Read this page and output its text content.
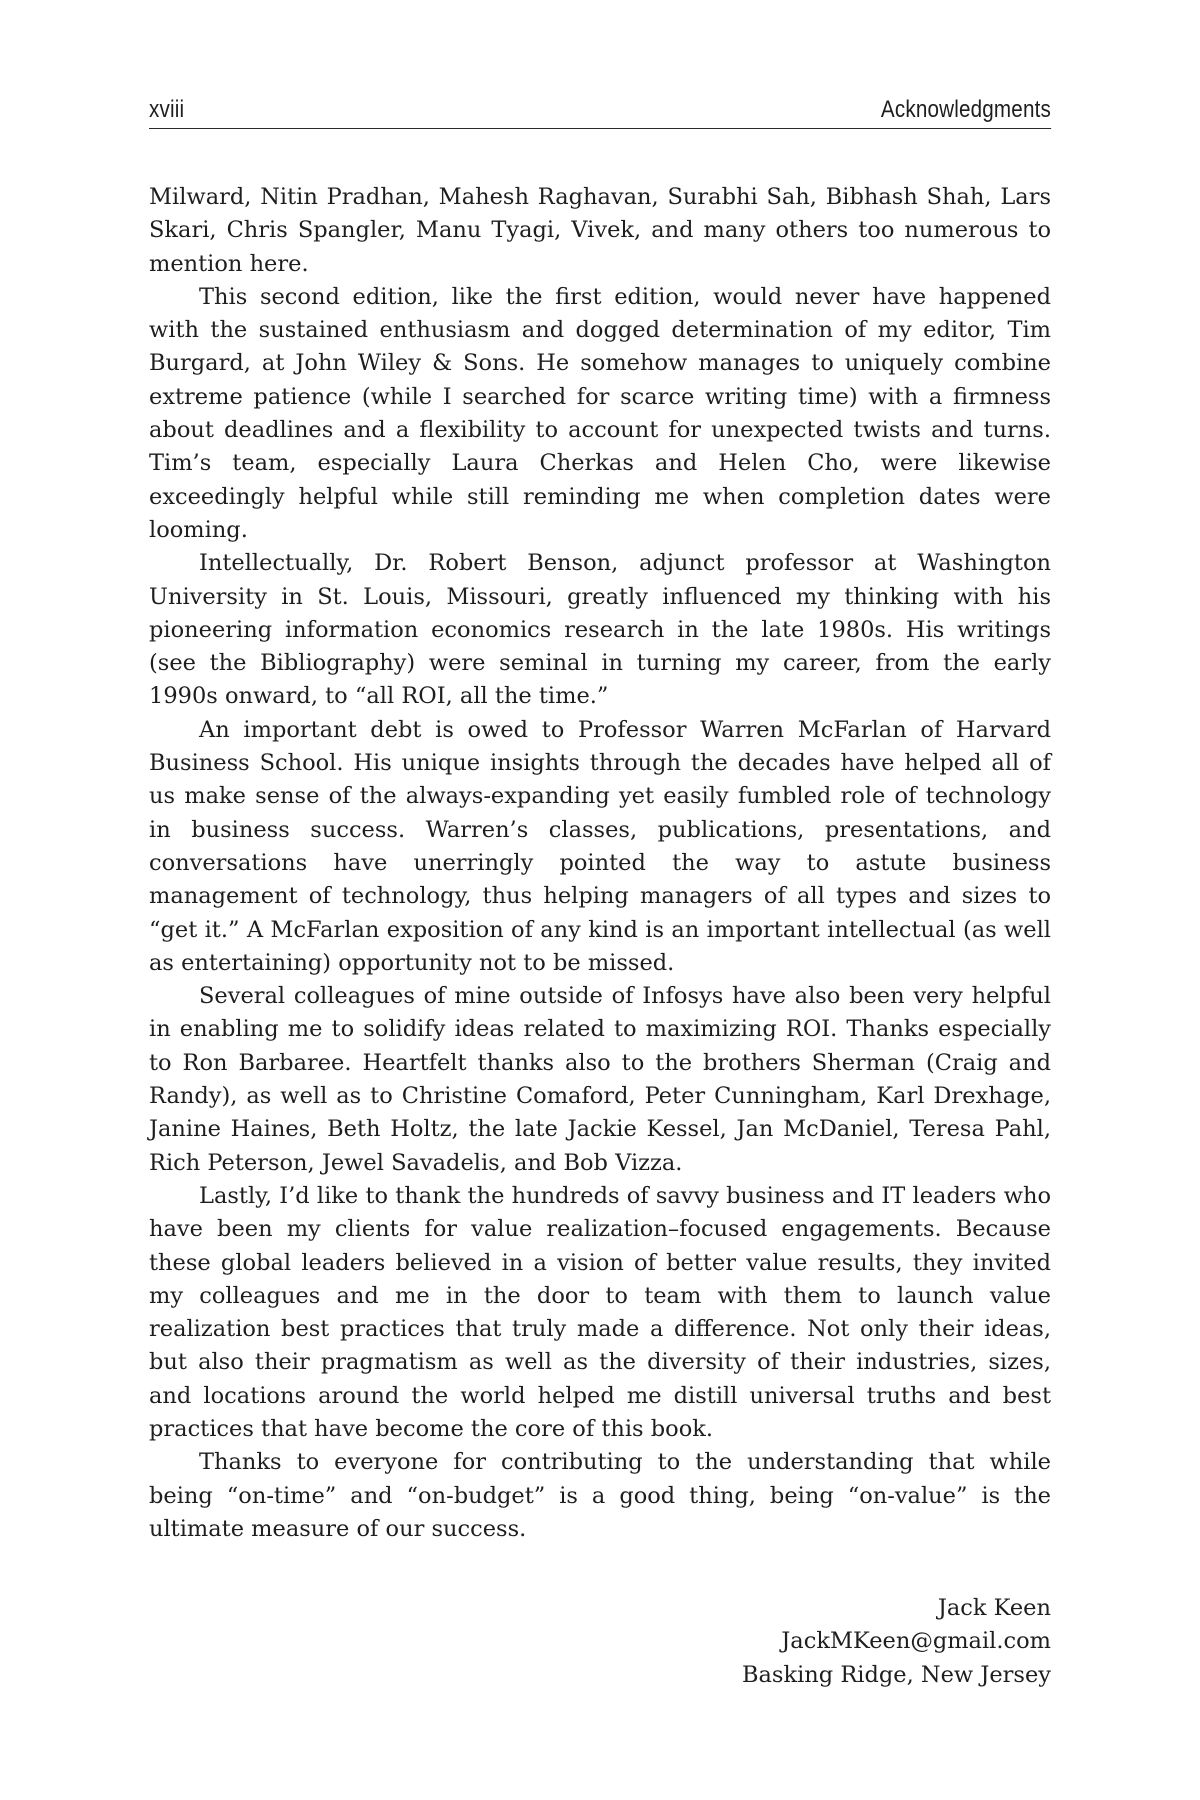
xviii	Acknowledgments

Milward, Nitin Pradhan, Mahesh Raghavan, Surabhi Sah, Bibhash Shah, Lars Skari, Chris Spangler, Manu Tyagi, Vivek, and many others too numerous to mention here.

This second edition, like the first edition, would never have happened with the sustained enthusiasm and dogged determination of my editor, Tim Burgard, at John Wiley & Sons. He somehow manages to uniquely combine extreme patience (while I searched for scarce writing time) with a firmness about deadlines and a flexibility to account for unexpected twists and turns. Tim’s team, especially Laura Cherkas and Helen Cho, were likewise exceedingly helpful while still reminding me when completion dates were looming.

Intellectually, Dr. Robert Benson, adjunct professor at Washington University in St. Louis, Missouri, greatly influenced my thinking with his pioneering information economics research in the late 1980s. His writings (see the Bibliography) were seminal in turning my career, from the early 1990s onward, to “all ROI, all the time.”

An important debt is owed to Professor Warren McFarlan of Harvard Business School. His unique insights through the decades have helped all of us make sense of the always-expanding yet easily fumbled role of technology in business success. Warren’s classes, publications, presentations, and conversations have unerringly pointed the way to astute business management of technology, thus helping managers of all types and sizes to “get it.” A McFarlan exposition of any kind is an important intellectual (as well as entertaining) opportunity not to be missed.

Several colleagues of mine outside of Infosys have also been very helpful in enabling me to solidify ideas related to maximizing ROI. Thanks especially to Ron Barbaree. Heartfelt thanks also to the brothers Sherman (Craig and Randy), as well as to Christine Comaford, Peter Cunningham, Karl Drexhage, Janine Haines, Beth Holtz, the late Jackie Kessel, Jan McDaniel, Teresa Pahl, Rich Peterson, Jewel Savadelis, and Bob Vizza.

Lastly, I’d like to thank the hundreds of savvy business and IT leaders who have been my clients for value realization–focused engagements. Because these global leaders believed in a vision of better value results, they invited my colleagues and me in the door to team with them to launch value realization best practices that truly made a difference. Not only their ideas, but also their pragmatism as well as the diversity of their industries, sizes, and locations around the world helped me distill universal truths and best practices that have become the core of this book.

Thanks to everyone for contributing to the understanding that while being “on-time” and “on-budget” is a good thing, being “on-value” is the ultimate measure of our success.

Jack Keen
JackMKeen@gmail.com
Basking Ridge, New Jersey
